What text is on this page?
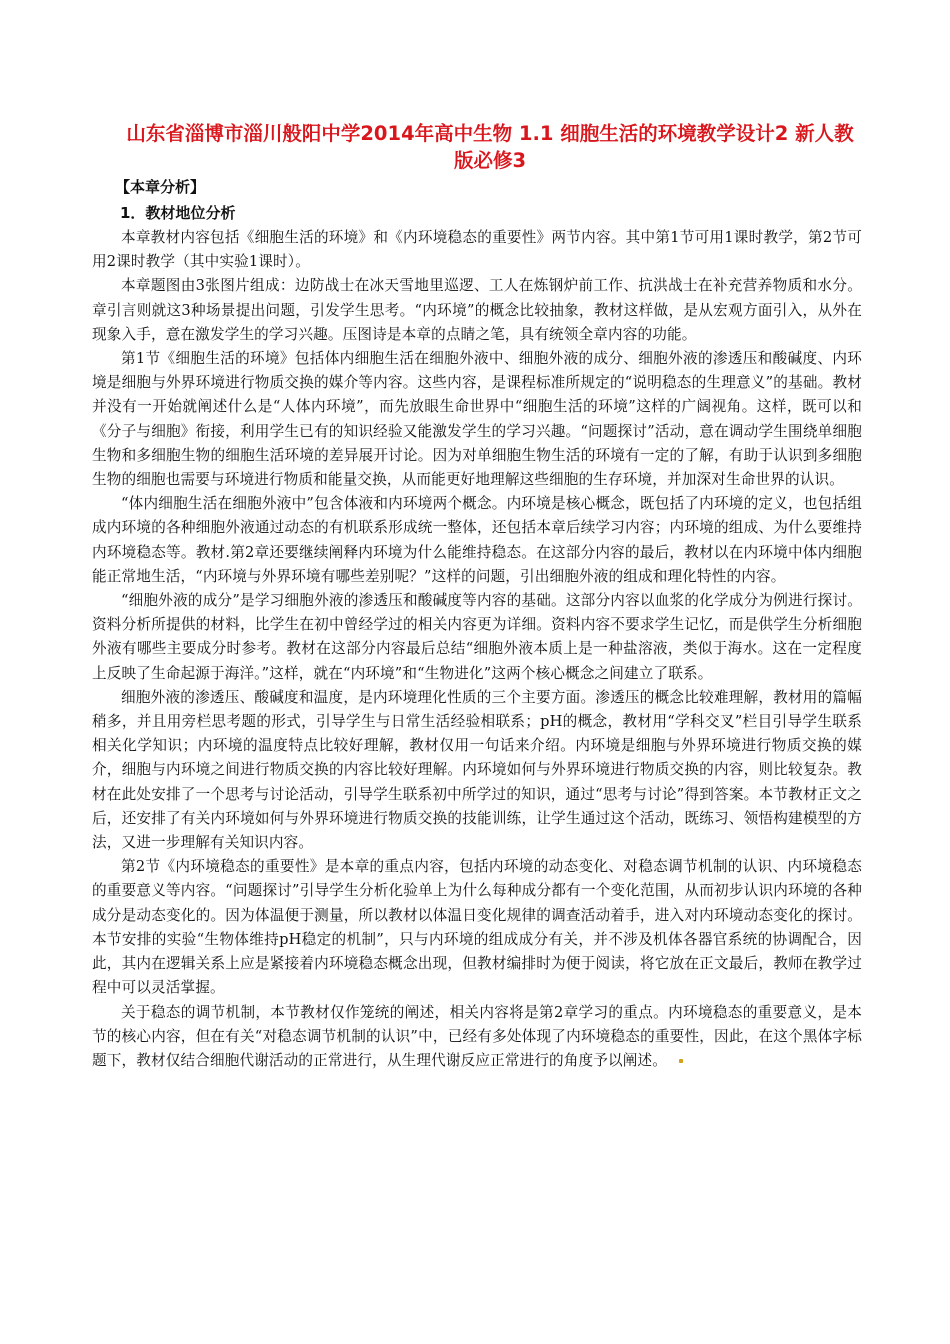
山东省淄博市淄川般阳中学2014年高中生物 1.1 细胞生活的环境教学设计2 新人教版必修3
【本章分析】
1．教材地位分析

本章教材内容包括《细胞生活的环境》和《内环境稳态的重要性》两节内容。其中第1节可用1课时教学，第2节可用2课时教学（其中实验1课时）。

本章题图由3张图片组成：边防战士在冰天雪地里巡逻、工人在炼钢炉前工作、抗洪战士在补充营养物质和水分。章引言则就这3种场景提出问题，引发学生思考。“内环境”的概念比较抽象，教材这样做，是从宏观方面引入，从外在现象入手，意在激发学生的学习兴趣。压图诗是本章的点睛之笔，具有统领全章内容的功能。

第1节《细胞生活的环境》包括体内细胞生活在细胞外液中、细胞外液的成分、细胞外液的渗透压和酸碱度、内环境是细胞与外界环境进行物质交换的媒介等内容。这些内容，是课程标准所规定的“说明稳态的生理意义”的基础。教材并没有一开始就阐述什么是“人体内环境”，而先放眼生命世界中“细胞生活的环境”这样的广阔视角。这样，既可以和《分子与细胞》衔接，利用学生已有的知识经验又能激发学生的学习兴趣。“问题探讨”活动，意在调动学生围绕单细胞生物和多细胞生物的细胞生活环境的差异展开讨论。因为对单细胞生物生活的环境有一定的了解，有助于认识到多细胞生物的细胞也需要与环境进行物质和能量交换，从而能更好地理解这些细胞的生存环境，并加深对生命世界的认识。

“体内细胞生活在细胞外液中”包含体液和内环境两个概念。内环境是核心概念，既包括了内环境的定义，也包括组成内环境的各种细胞外液通过动态的有机联系形成统一整体，还包括本章后续学习内容；内环境的组成、为什么要维持内环境稳态等。教材.第2章还要继续阐释内环境为什么能维持稳态。在这部分内容的最后，教材以在内环境中体内细胞能正常地生活，“内环境与外界环境有哪些差别呢？”这样的问题，引出细胞外液的组成和理化特性的内容。

“细胞外液的成分”是学习细胞外液的渗透压和酸碱度等内容的基础。这部分内容以血浆的化学成分为例进行探讨。资料分析所提供的材料，比学生在初中曾经学过的相关内容更为详细。资料内容不要求学生记忆，而是供学生分析细胞外液有哪些主要成分时参考。教材在这部分内容最后总结“细胞外液本质上是一种盐溶液，类似于海水。这在一定程度上反映了生命起源于海洋。”这样，就在“内环境”和“生物进化”这两个核心概念之间建立了联系。

细胞外液的渗透压、酸碱度和温度，是内环境理化性质的三个主要方面。渗透压的概念比较难理解，教材用的篇幅稍多，并且用旁栏思考题的形式，引导学生与日常生活经验相联系；pH的概念，教材用“学科交叉”栏目引导学生联系相关化学知识；内环境的温度特点比较好理解，教材仅用一句话来介绍。内环境是细胞与外界环境进行物质交换的媒介，细胞与内环境之间进行物质交换的内容比较好理解。内环境如何与外界环境进行物质交换的内容，则比较复杂。教材在此处安排了一个思考与讨论活动，引导学生联系初中所学过的知识，通过“思考与讨论”得到答案。本节教材正文之后，还安排了有关内环境如何与外界环境进行物质交换的技能训练，让学生通过这个活动，既练习、领悟构建模型的方法，又进一步理解有关知识内容。

第2节《内环境稳态的重要性》是本章的重点内容，包括内环境的动态变化、对稳态调节机制的认识、内环境稳态的重要意义等内容。“问题探讨”引导学生分析化验单上为什么每种成分都有一个变化范围，从而初步认识内环境的各种成分是动态变化的。因为体温便于测量，所以教材以体温日变化规律的调查活动着手，进入对内环境动态变化的探讨。本节安排的实验“生物体维持pH稳定的机制”，只与内环境的组成成分有关，并不涉及机体各器官系统的协调配合，因此，其内在逻辑关系上应是紧接着内环境稳态概念出现，但教材编排时为便于阅读，将它放在正文最后，教师在教学过程中可以灵活掌握。

关于稳态的调节机制，本节教材仅作笼统的阐述，相关内容将是第2章学习的重点。内环境稳态的重要意义，是本节的核心内容，但在有关“对稳态调节机制的认识”中，已经有多处体现了内环境稳态的重要性，因此，在这个黑体字标题下，教材仅结合细胞代谢活动的正常进行，从生理代谢反应正常进行的角度予以阐述。
